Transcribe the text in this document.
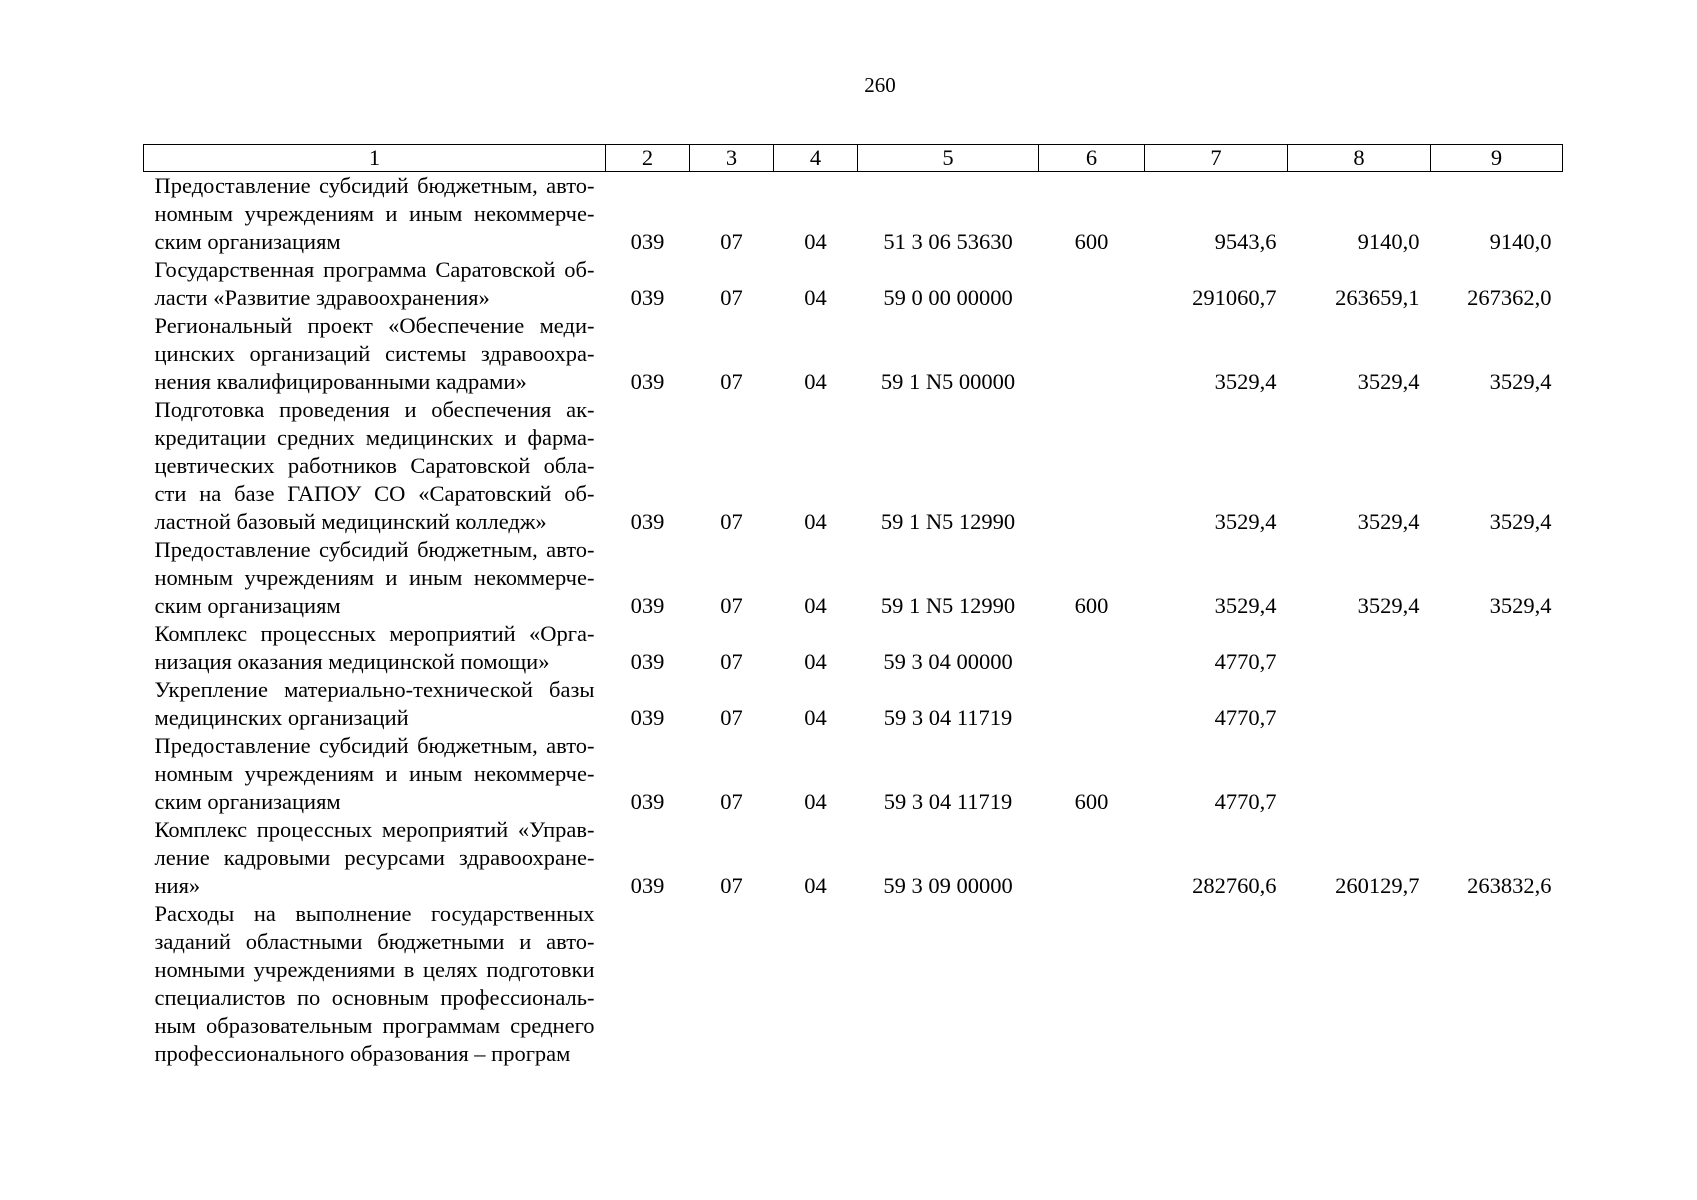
260
1	2	3	4	5	6	7	8	9
Предоставление субсидий бюджетным, автономным учреждениям и иным некоммерческим организациям	039	07	04	51 3 06 53630	600	9543,6	9140,0	9140,0
Государственная программа Саратовской области «Развитие здравоохранения»	039	07	04	59 0 00 00000		291060,7	263659,1	267362,0
Региональный проект «Обеспечение медицинских организаций системы здравоохранения квалифицированными кадрами»	039	07	04	59 1 N5 00000		3529,4	3529,4	3529,4
Подготовка проведения и обеспечения аккредитации средних медицинских и фармацевтических работников Саратовской области на базе ГАПОУ СО «Саратовский областной базовый медицинский колледж»	039	07	04	59 1 N5 12990		3529,4	3529,4	3529,4
Предоставление субсидий бюджетным, автономным учреждениям и иным некоммерческим организациям	039	07	04	59 1 N5 12990	600	3529,4	3529,4	3529,4
Комплекс процессных мероприятий «Организация оказания медицинской помощи»	039	07	04	59 3 04 00000		4770,7		
Укрепление материально-технической базы медицинских организаций	039	07	04	59 3 04 11719		4770,7		
Предоставление субсидий бюджетным, автономным учреждениям и иным некоммерческим организациям	039	07	04	59 3 04 11719	600	4770,7		
Комплекс процессных мероприятий «Управление кадровыми ресурсами здравоохранения»	039	07	04	59 3 09 00000		282760,6	260129,7	263832,6
Расходы на выполнение государственных заданий областными бюджетными и автономными учреждениями в целях подготовки специалистов по основным профессиональным образовательным программам среднего профессионального образования – програм								
